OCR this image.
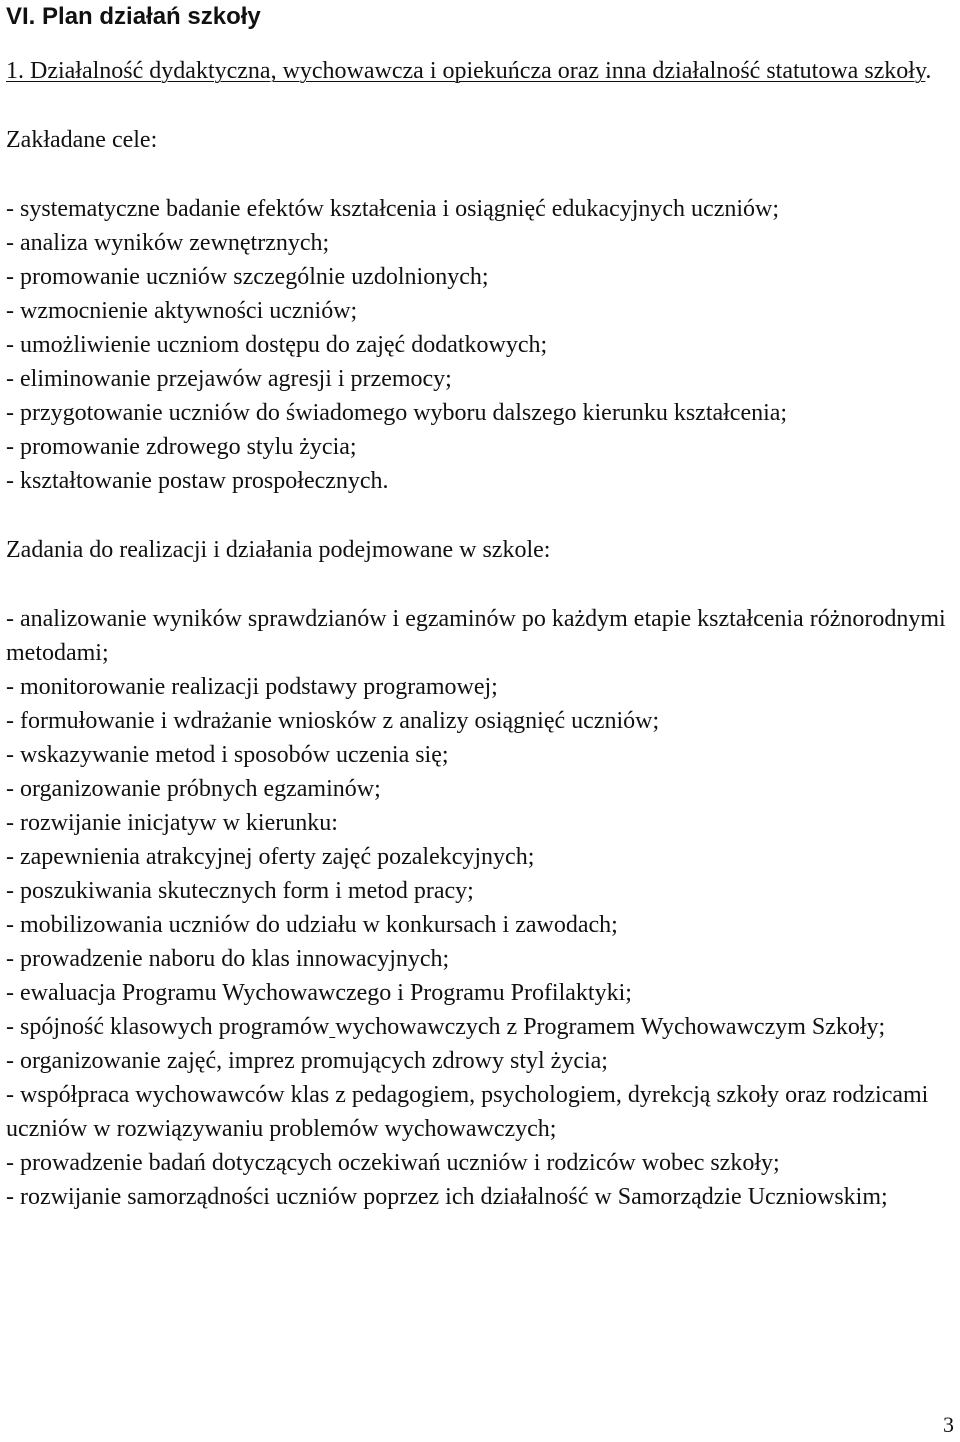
VI. Plan działań szkoły

1. Działalność dydaktyczna, wychowawcza i opiekuńcza oraz inna działalność statutowa szkoły.

Zakładane cele:

- systematyczne badanie efektów kształcenia i osiągnięć edukacyjnych uczniów;
- analiza wyników zewnętrznych;
- promowanie uczniów szczególnie uzdolnionych;
- wzmocnienie aktywności uczniów;
- umożliwienie uczniom dostępu do zajęć dodatkowych;
- eliminowanie przejawów agresji i przemocy;
- przygotowanie uczniów do świadomego wyboru dalszego kierunku kształcenia;
- promowanie zdrowego stylu życia;
- kształtowanie postaw prospołecznych.

Zadania do realizacji i działania podejmowane w szkole:

- analizowanie wyników sprawdzianów i egzaminów po każdym etapie kształcenia różnorodnymi metodami;
- monitorowanie realizacji podstawy programowej;
- formułowanie i wdrażanie wniosków z analizy osiągnięć uczniów;
- wskazywanie metod i sposobów uczenia się;
- organizowanie próbnych egzaminów;
- rozwijanie inicjatyw w kierunku:
- zapewnienia atrakcyjnej oferty zajęć pozalekcyjnych;
- poszukiwania skutecznych form i metod pracy;
- mobilizowania uczniów do udziału w konkursach i zawodach;
- prowadzenie naboru do klas innowacyjnych;
- ewaluacja Programu Wychowawczego i Programu Profilaktyki;
- spójność klasowych programów wychowawczych z Programem Wychowawczym Szkoły;
- organizowanie zajęć, imprez promujących zdrowy styl życia;
- współpraca wychowawców klas z pedagogiem, psychologiem, dyrekcją szkoły oraz rodzicami uczniów w rozwiązywaniu problemów wychowawczych;
- prowadzenie badań dotyczących oczekiwań uczniów i rodziców wobec szkoły;
- rozwijanie samorządności uczniów poprzez ich działalność w Samorządzie Uczniowskim;
3
